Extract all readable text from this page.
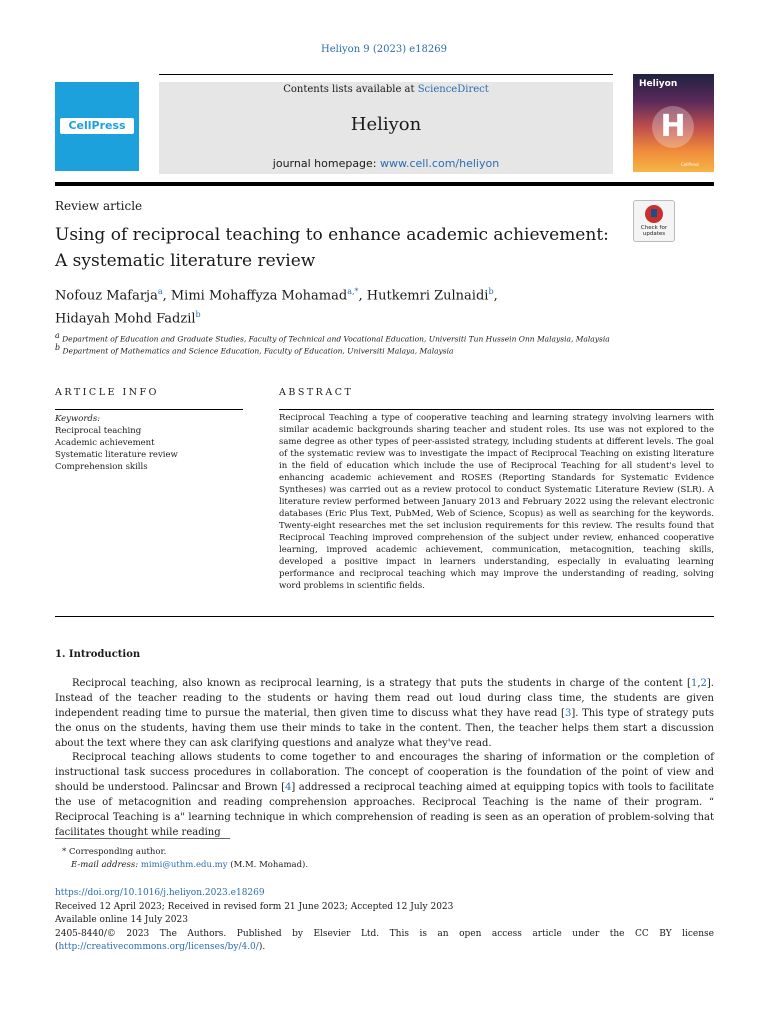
Heliyon 9 (2023) e18269
CellPress
Contents lists available at ScienceDirect
Heliyon
journal homepage: www.cell.com/heliyon
Heliyon
H
CellPress
Review article
Using of reciprocal teaching to enhance academic achievement: A systematic literature review
Check for updates
Nofouz Mafarja$^a$, Mimi Mohaffyza Mohamad$^{a,*}$, Hutkemri Zulnaidi$^b$,
Hidayah Mohd Fadzil$^b$
$^a$ Department of Education and Graduate Studies, Faculty of Technical and Vocational Education, Universiti Tun Hussein Onn Malaysia, Malaysia
$^b$ Department of Mathematics and Science Education, Faculty of Education, Universiti Malaya, Malaysia
ARTICLE INFO	ABSTRACT
Keywords:
Reciprocal teaching
Academic achievement
Systematic literature review
Comprehension skills
Reciprocal Teaching a type of cooperative teaching and learning strategy involving learners with similar academic backgrounds sharing teacher and student roles. Its use was not explored to the same degree as other types of peer-assisted strategy, including students at different levels. The goal of the systematic review was to investigate the impact of Reciprocal Teaching on existing literature in the field of education which include the use of Reciprocal Teaching for all student's level to enhancing academic achievement and ROSES (Reporting Standards for Systematic Evidence Syntheses) was carried out as a review protocol to conduct Systematic Literature Review (SLR). A literature review performed between January 2013 and February 2022 using the relevant electronic databases (Eric Plus Text, PubMed, Web of Science, Scopus) as well as searching for the keywords. Twenty-eight researches met the set inclusion requirements for this review. The results found that Reciprocal Teaching improved comprehension of the subject under review, enhanced cooperative learning, improved academic achievement, communication, metacognition, teaching skills, developed a positive impact in learners understanding, especially in evaluating learning performance and reciprocal teaching which may improve the understanding of reading, solving word problems in scientific fields.
1. Introduction
Reciprocal teaching, also known as reciprocal learning, is a strategy that puts the students in charge of the content [1,2]. Instead of the teacher reading to the students or having them read out loud during class time, the students are given independent reading time to pursue the material, then given time to discuss what they have read [3]. This type of strategy puts the onus on the students, having them use their minds to take in the content. Then, the teacher helps them start a discussion about the text where they can ask clarifying questions and analyze what they've read.
Reciprocal teaching allows students to come together to and encourages the sharing of information or the completion of instructional task success procedures in collaboration. The concept of cooperation is the foundation of the point of view and should be understood. Palincsar and Brown [4] addressed a reciprocal teaching aimed at equipping topics with tools to facilitate the use of metacognition and reading comprehension approaches. Reciprocal Teaching is the name of their program. “ Reciprocal Teaching is a" learning technique in which comprehension of reading is seen as an operation of problem-solving that facilitates thought while reading
* Corresponding author.
E-mail address: mimi@uthm.edu.my (M.M. Mohamad).
https://doi.org/10.1016/j.heliyon.2023.e18269
Received 12 April 2023; Received in revised form 21 June 2023; Accepted 12 July 2023
Available online 14 July 2023
2405-8440/© 2023 The Authors. Published by Elsevier Ltd. This is an open access article under the CC BY license
(http://creativecommons.org/licenses/by/4.0/).
